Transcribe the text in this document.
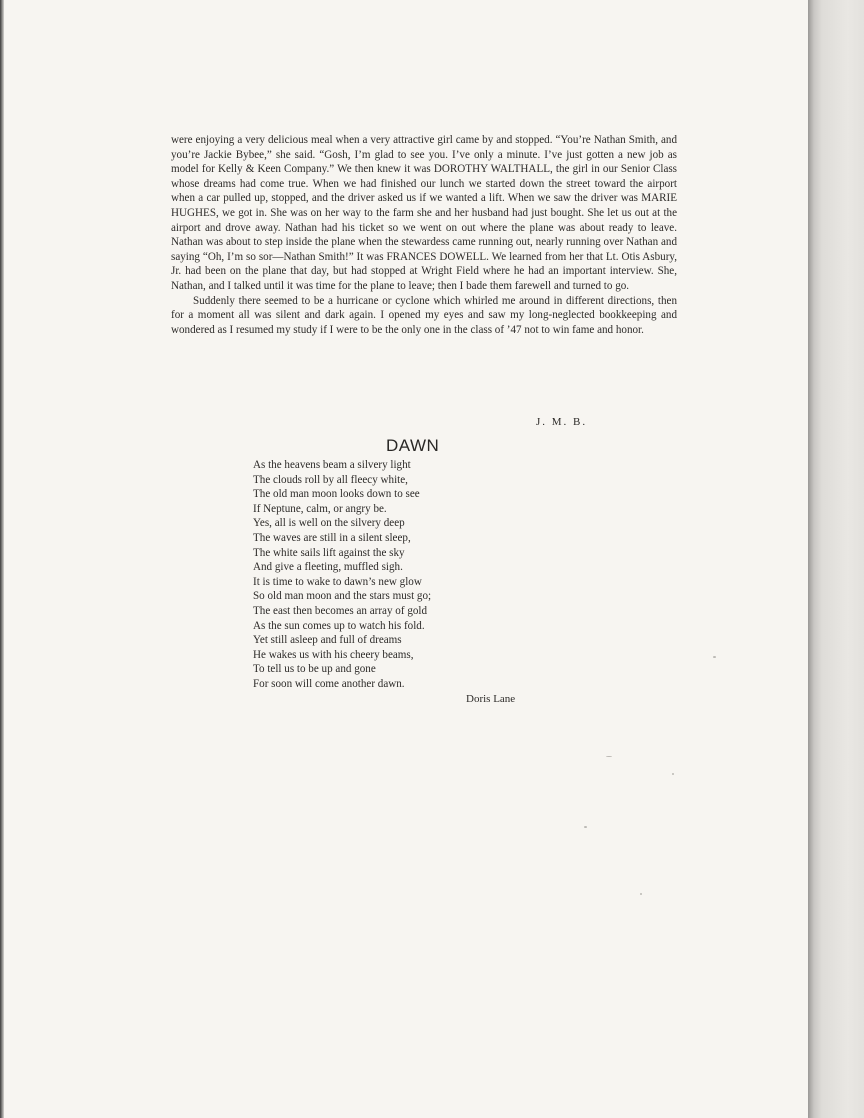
were enjoying a very delicious meal when a very attractive girl came by and stopped. “You’re Nathan Smith, and you’re Jackie Bybee,” she said. “Gosh, I’m glad to see you. I’ve only a minute. I’ve just gotten a new job as model for Kelly & Keen Company.” We then knew it was DOROTHY WALTHALL, the girl in our Senior Class whose dreams had come true. When we had finished our lunch we started down the street toward the airport when a car pulled up, stopped, and the driver asked us if we wanted a lift. When we saw the driver was MARIE HUGHES, we got in. She was on her way to the farm she and her husband had just bought. She let us out at the airport and drove away. Nathan had his ticket so we went on out where the plane was about ready to leave. Nathan was about to step inside the plane when the stewardess came running out, nearly running over Nathan and saying “Oh, I’m so sor—Nathan Smith!” It was FRANCES DOWELL. We learned from her that Lt. Otis Asbury, Jr. had been on the plane that day, but had stopped at Wright Field where he had an important interview. She, Nathan, and I talked until it was time for the plane to leave; then I bade them farewell and turned to go.

Suddenly there seemed to be a hurricane or cyclone which whirled me around in different directions, then for a moment all was silent and dark again. I opened my eyes and saw my long-neglected bookkeeping and wondered as I resumed my study if I were to be the only one in the class of ’47 not to win fame and honor.

J. M. B.
DAWN
As the heavens beam a silvery light
The clouds roll by all fleecy white,
The old man moon looks down to see
If Neptune, calm, or angry be.
Yes, all is well on the silvery deep
The waves are still in a silent sleep,
The white sails lift against the sky
And give a fleeting, muffled sigh.
It is time to wake to dawn’s new glow
So old man moon and the stars must go;
The east then becomes an array of gold
As the sun comes up to watch his fold.
Yet still asleep and full of dreams
He wakes us with his cheery beams,
To tell us to be up and gone
For soon will come another dawn.
Doris Lane
